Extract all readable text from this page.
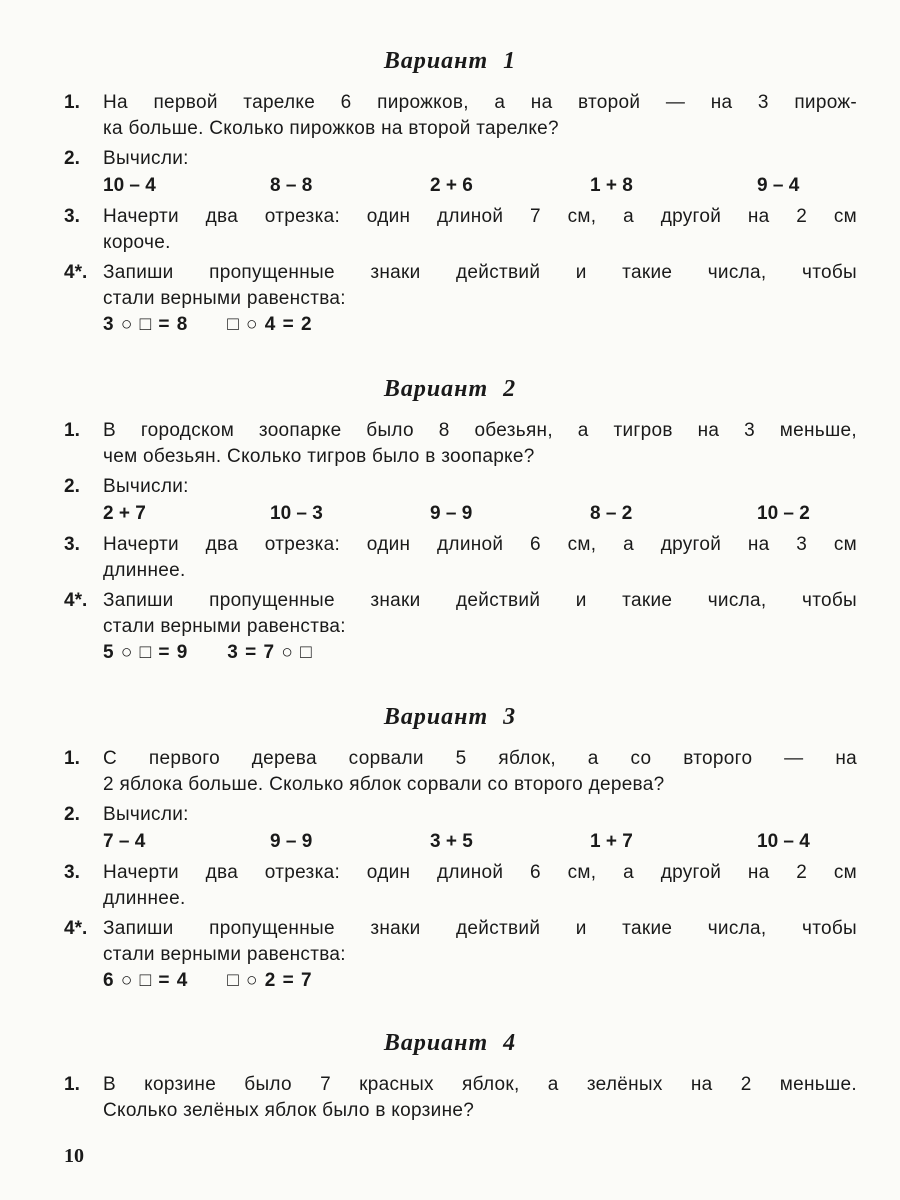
Вариант 1
1. На первой тарелке 6 пирожков, а на второй — на 3 пирож-
ка больше. Сколько пирожков на второй тарелке?
2. Вычисли:
10 – 4	8 – 8	2 + 6	1 + 8	9 – 4
3. Начерти два отрезка: один длиной 7 см, а другой на 2 см
короче.
4*. Запиши пропущенные знаки действий и такие числа, чтобы
стали верными равенства:
3 ○ □ = 8 □ ○ 4 = 2
Вариант 2
1. В городском зоопарке было 8 обезьян, а тигров на 3 меньше,
чем обезьян. Сколько тигров было в зоопарке?
2. Вычисли:
2 + 7	10 – 3	9 – 9	8 – 2	10 – 2
3. Начерти два отрезка: один длиной 6 см, а другой на 3 см
длиннее.
4*. Запиши пропущенные знаки действий и такие числа, чтобы
стали верными равенства:
5 ○ □ = 9 3 = 7 ○ □
Вариант 3
1. С первого дерева сорвали 5 яблок, а со второго — на
2 яблока больше. Сколько яблок сорвали со второго дерева?
2. Вычисли:
7 – 4	9 – 9	3 + 5	1 + 7	10 – 4
3. Начерти два отрезка: один длиной 6 см, а другой на 2 см
длиннее.
4*. Запиши пропущенные знаки действий и такие числа, чтобы
стали верными равенства:
6 ○ □ = 4 □ ○ 2 = 7
Вариант 4
1. В корзине было 7 красных яблок, а зелёных на 2 меньше.
Сколько зелёных яблок было в корзине?
10
